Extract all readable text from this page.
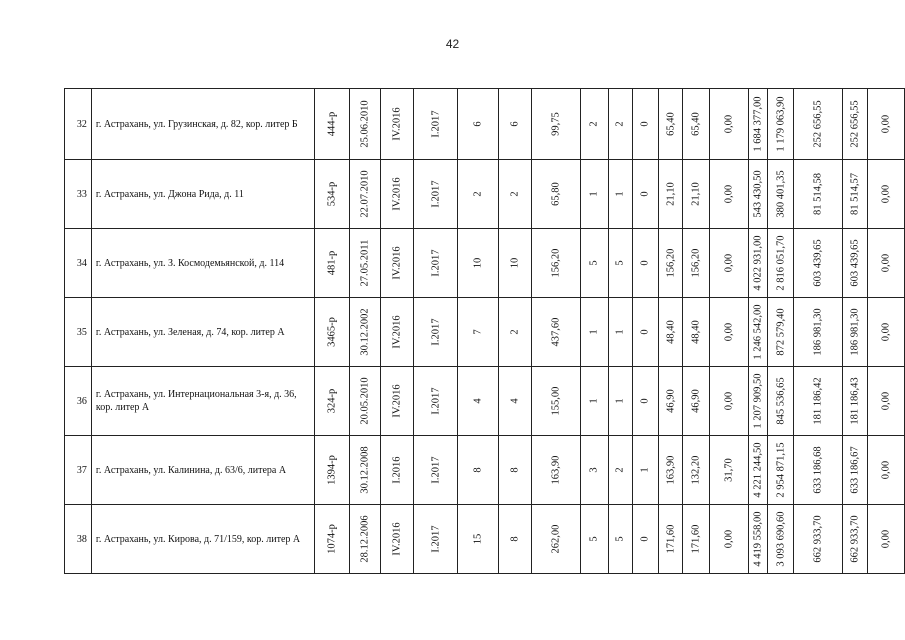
42
32	г. Астрахань, ул. Грузинская, д. 82, кор. литер Б	444-р	25.06.2010	IV.2016	I.2017	6	6	99,75	2	2	0	65,40	65,40	0,00	1 684 377,00	1 179 063,90	252 656,55	252 656,55	0,00

33	г. Астрахань, ул. Джона Рида, д. 11	534-р	22.07.2010	IV.2016	I.2017	2	2	65,80	1	1	0	21,10	21,10	0,00	543 430,50	380 401,35	81 514,58	81 514,57	0,00

34	г. Астрахань, ул. З. Космодемьянской, д. 114	481-р	27.05.2011	IV.2016	I.2017	10	10	156,20	5	5	0	156,20	156,20	0,00	4 022 931,00	2 816 051,70	603 439,65	603 439,65	0,00

35	г. Астрахань, ул. Зеленая, д. 74, кор. литер А	3465-р	30.12.2002	IV.2016	I.2017	7	2	437,60	1	1	0	48,40	48,40	0,00	1 246 542,00	872 579,40	186 981,30	186 981,30	0,00

36	г. Астрахань, ул. Интернациональная 3-я, д. 36, кор. литер А	324-р	20.05.2010	IV.2016	I.2017	4	4	155,00	1	1	0	46,90	46,90	0,00	1 207 909,50	845 536,65	181 186,42	181 186,43	0,00

37	г. Астрахань, ул. Калинина, д. 63/6, литера А	1394-р	30.12.2008	I.2016	I.2017	8	8	163,90	3	2	1	163,90	132,20	31,70	4 221 244,50	2 954 871,15	633 186,68	633 186,67	0,00

38	г. Астрахань, ул. Кирова, д. 71/159, кор. литер А	1074-р	28.12.2006	IV.2016	I.2017	15	8	262,00	5	5	0	171,60	171,60	0,00	4 419 558,00	3 093 690,60	662 933,70	662 933,70	0,00
